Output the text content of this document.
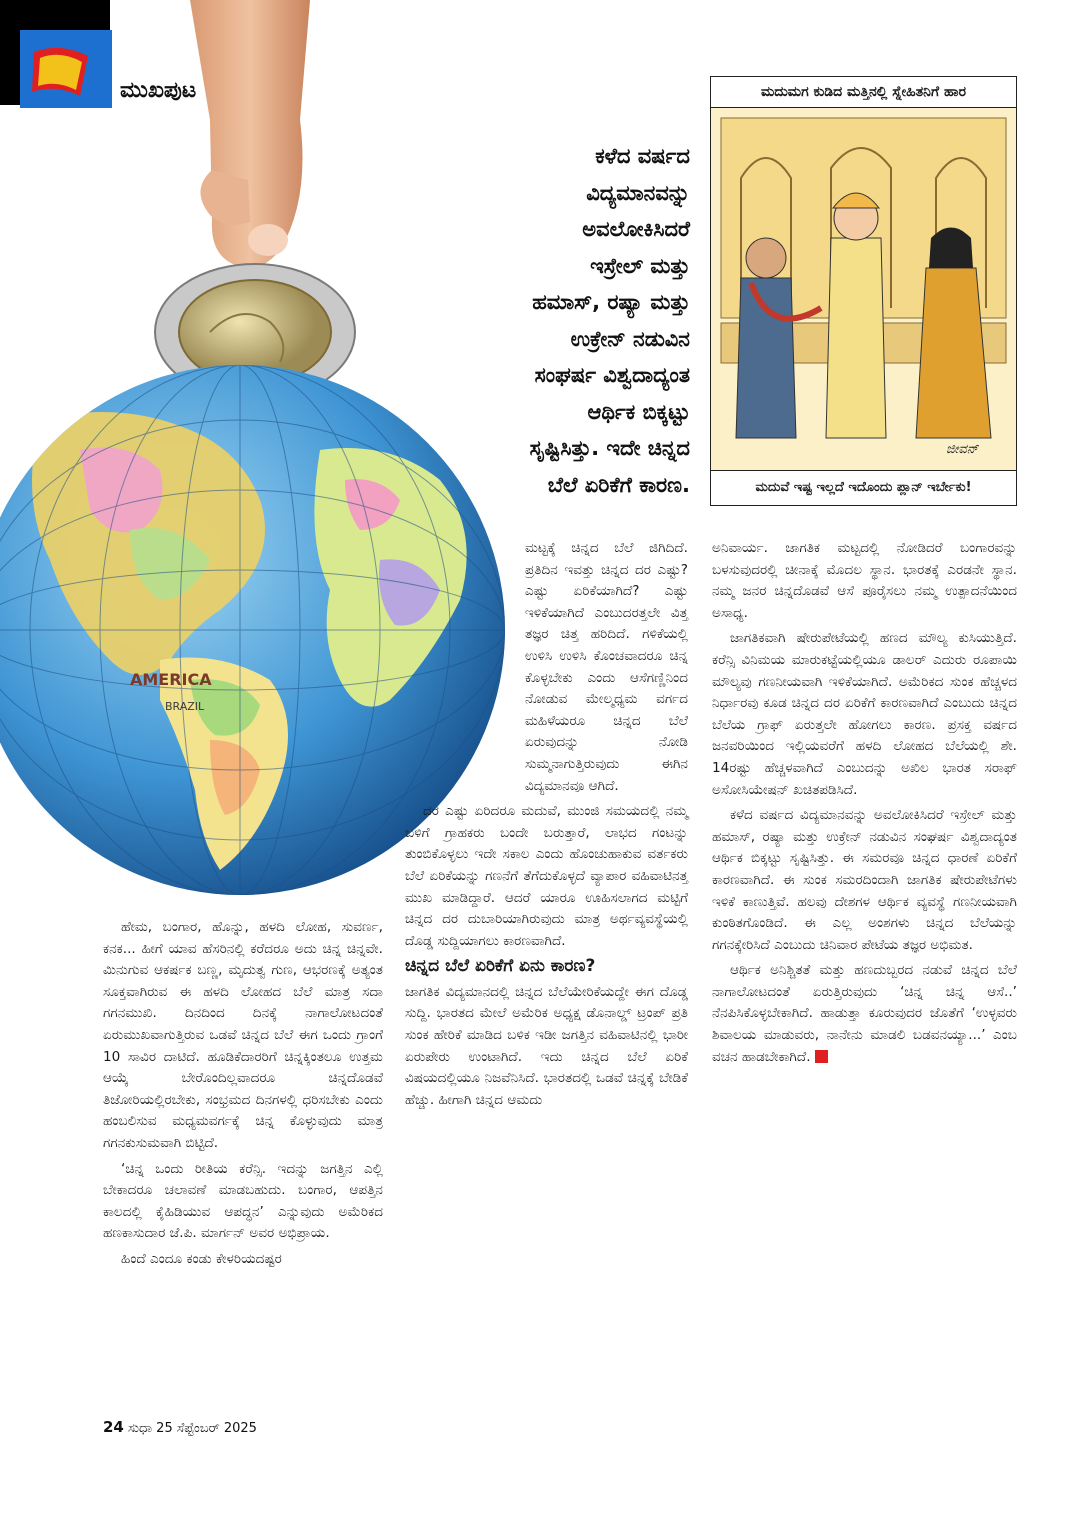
ಮುಖಪುಟ
AMERICA
BRAZIL
ಕಳೆದ ವರ್ಷದ
ವಿದ್ಯಮಾನವನ್ನು
ಅವಲೋಕಿಸಿದರೆ
ಇಸ್ರೇಲ್ ಮತ್ತು
ಹಮಾಸ್, ರಷ್ಯಾ ಮತ್ತು
ಉಕ್ರೇನ್ ನಡುವಿನ
ಸಂಘರ್ಷ ವಿಶ್ವದಾದ್ಯಂತ
ಆರ್ಥಿಕ ಬಿಕ್ಕಟ್ಟು
ಸೃಷ್ಟಿಸಿತ್ತು. ಇದೇ ಚಿನ್ನದ
ಬೆಲೆ ಏರಿಕೆಗೆ ಕಾರಣ.
ಮದುಮಗ ಕುಡಿದ ಮತ್ತಿನಲ್ಲಿ ಸ್ನೇಹಿತನಿಗೆ ಹಾರ
ಜೀವನ್
ಮದುವೆ ಇಷ್ಟ ಇಲ್ಲದೆ ಇದೊಂದು ಪ್ಲಾನ್ ಇರ್ಬೇಕು!

ಮಟ್ಟಕ್ಕೆ ಚಿನ್ನದ ಬೆಲೆ ಜಿಗಿದಿದೆ. ಪ್ರತಿದಿನ ಇವತ್ತು ಚಿನ್ನದ ದರ ಎಷ್ಟು? ಎಷ್ಟು ಏರಿಕೆಯಾಗಿದೆ? ಎಷ್ಟು ಇಳಿಕೆಯಾಗಿದೆ ಎಂಬುದರತ್ತಲೇ ವಿತ್ತ ತಜ್ಞರ ಚಿತ್ತ ಹರಿದಿದೆ. ಗಳಿಕೆಯಲ್ಲಿ ಉಳಿಸಿ ಉಳಿಸಿ ಕೊಂಚವಾದರೂ ಚಿನ್ನ ಕೊಳ್ಳಬೇಕು ಎಂದು ಆಸೆಗಣ್ಣಿನಿಂದ ನೋಡುವ ಮೇಲ್ಮಧ್ಯಮ ವರ್ಗದ ಮಹಿಳೆಯರೂ ಚಿನ್ನದ ಬೆಲೆ ಏರುವುದನ್ನು ನೋಡಿ ಸುಮ್ಮನಾಗುತ್ತಿರುವುದು ಈಗಿನ ವಿದ್ಯಮಾನವೂ ಆಗಿದೆ.

ದರ ಎಷ್ಟು ಏರಿದರೂ ಮದುವೆ, ಮುಂಜಿ ಸಮಯದಲ್ಲಿ ನಮ್ಮ ಬಳಿಗೆ ಗ್ರಾಹಕರು ಬಂದೇ ಬರುತ್ತಾರೆ, ಲಾಭದ ಗಂಟನ್ನು ತುಂಬಿಕೊಳ್ಳಲು ಇದೇ ಸಕಾಲ ಎಂದು ಹೊಂಚುಹಾಕುವ ವರ್ತಕರು ಬೆಲೆ ಏರಿಕೆಯನ್ನು ಗಣನೆಗೆ ತೆಗೆದುಕೊಳ್ಳದೆ ವ್ಯಾಪಾರ ವಹಿವಾಟಿನತ್ತ ಮುಖ ಮಾಡಿದ್ದಾರೆ. ಆದರೆ ಯಾರೂ ಊಹಿಸಲಾಗದ ಮಟ್ಟಿಗೆ ಚಿನ್ನದ ದರ ದುಬಾರಿಯಾಗಿರುವುದು ಮಾತ್ರ ಅರ್ಥವ್ಯವಸ್ಥೆಯಲ್ಲಿ ದೊಡ್ಡ ಸುದ್ದಿಯಾಗಲು ಕಾರಣವಾಗಿದೆ.

ಚಿನ್ನದ ಬೆಲೆ ಏರಿಕೆಗೆ ಏನು ಕಾರಣ?

ಜಾಗತಿಕ ವಿದ್ಯಮಾನದಲ್ಲಿ ಚಿನ್ನದ ಬೆಲೆಯೇರಿಕೆಯದ್ದೇ ಈಗ ದೊಡ್ಡ ಸುದ್ದಿ. ಭಾರತದ ಮೇಲೆ ಅಮೆರಿಕ ಅಧ್ಯಕ್ಷ ಡೊನಾಲ್ಡ್ ಟ್ರಂಪ್ ಪ್ರತಿ ಸುಂಕ ಹೇರಿಕೆ ಮಾಡಿದ ಬಳಿಕ ಇಡೀ ಜಗತ್ತಿನ ವಹಿವಾಟಿನಲ್ಲಿ ಭಾರೀ ಏರುಪೇರು ಉಂಟಾಗಿದೆ. ಇದು ಚಿನ್ನದ ಬೆಲೆ ಏರಿಕೆ ವಿಷಯದಲ್ಲಿಯೂ ನಿಜವೆನಿಸಿದೆ. ಭಾರತದಲ್ಲಿ ಒಡವೆ ಚಿನ್ನಕ್ಕೆ ಬೇಡಿಕೆ ಹೆಚ್ಚು. ಹೀಗಾಗಿ ಚಿನ್ನದ ಆಮದು

ಹೇಮ, ಬಂಗಾರ, ಹೊನ್ನು, ಹಳದಿ ಲೋಹ, ಸುವರ್ಣ, ಕನಕ... ಹೀಗೆ ಯಾವ ಹೆಸರಿನಲ್ಲಿ ಕರೆದರೂ ಅದು ಚಿನ್ನ ಚಿನ್ನವೇ. ಮಿನುಗುವ ಆಕರ್ಷಕ ಬಣ್ಣ, ಮೃದುತ್ವ ಗುಣ, ಆಭರಣಕ್ಕೆ ಅತ್ಯಂತ ಸೂಕ್ತವಾಗಿರುವ ಈ ಹಳದಿ ಲೋಹದ ಬೆಲೆ ಮಾತ್ರ ಸದಾ ಗಗನಮುಖಿ. ದಿನದಿಂದ ದಿನಕ್ಕೆ ನಾಗಾಲೋಟದಂತೆ ಏರುಮುಖವಾಗುತ್ತಿರುವ ಒಡವೆ ಚಿನ್ನದ ಬೆಲೆ ಈಗ ಒಂದು ಗ್ರಾಂಗೆ 10 ಸಾವಿರ ದಾಟಿದೆ. ಹೂಡಿಕೆದಾರರಿಗೆ ಚಿನ್ನಕ್ಕಿಂತಲೂ ಉತ್ತಮ ಆಯ್ಕೆ ಬೇರೊಂದಿಲ್ಲವಾದರೂ ಚಿನ್ನದೊಡವೆ ತಿಜೋರಿಯಲ್ಲಿರಬೇಕು, ಸಂಭ್ರಮದ ದಿನಗಳಲ್ಲಿ ಧರಿಸಬೇಕು ಎಂದು ಹಂಬಲಿಸುವ ಮಧ್ಯಮವರ್ಗಕ್ಕೆ ಚಿನ್ನ ಕೊಳ್ಳುವುದು ಮಾತ್ರ ಗಗನಕುಸುಮವಾಗಿ ಬಿಟ್ಟಿದೆ.

‘ಚಿನ್ನ ಒಂದು ರೀತಿಯ ಕರೆನ್ಸಿ. ಇದನ್ನು ಜಗತ್ತಿನ ಎಲ್ಲಿ ಬೇಕಾದರೂ ಚಲಾವಣೆ ಮಾಡಬಹುದು. ಬಂಗಾರ, ಆಪತ್ತಿನ ಕಾಲದಲ್ಲಿ ಕೈಹಿಡಿಯುವ ಆಪದ್ಧನ’ ಎನ್ನುವುದು ಅಮೆರಿಕದ ಹಣಕಾಸುದಾರ ಜೆ.ಪಿ. ಮಾರ್ಗನ್ ಅವರ ಅಭಿಪ್ರಾಯ.

ಹಿಂದೆ ಎಂದೂ ಕಂಡು ಕೇಳರಿಯದಷ್ಟರ

ಅನಿವಾರ್ಯ. ಜಾಗತಿಕ ಮಟ್ಟದಲ್ಲಿ ನೋಡಿದರೆ ಬಂಗಾರವನ್ನು ಬಳಸುವುದರಲ್ಲಿ ಚೀನಾಕ್ಕೆ ಮೊದಲ ಸ್ಥಾನ. ಭಾರತಕ್ಕೆ ಎರಡನೇ ಸ್ಥಾನ. ನಮ್ಮ ಜನರ ಚಿನ್ನದೊಡವೆ ಆಸೆ ಪೂರೈಸಲು ನಮ್ಮ ಉತ್ಪಾದನೆಯಿಂದ ಅಸಾಧ್ಯ.

ಜಾಗತಿಕವಾಗಿ ಷೇರುಪೇಟೆಯಲ್ಲಿ ಹಣದ ಮೌಲ್ಯ ಕುಸಿಯುತ್ತಿದೆ. ಕರೆನ್ಸಿ ವಿನಿಮಯ ಮಾರುಕಟ್ಟೆಯಲ್ಲಿಯೂ ಡಾಲರ್ ಎದುರು ರೂಪಾಯಿ ಮೌಲ್ಯವು ಗಣನೀಯವಾಗಿ ಇಳಿಕೆಯಾಗಿದೆ. ಅಮೆರಿಕದ ಸುಂಕ ಹೆಚ್ಚಳದ ನಿರ್ಧಾರವು ಕೂಡ ಚಿನ್ನದ ದರ ಏರಿಕೆಗೆ ಕಾರಣವಾಗಿದೆ ಎಂಬುದು ಚಿನ್ನದ ಬೆಲೆಯ ಗ್ರಾಫ್ ಏರುತ್ತಲೇ ಹೋಗಲು ಕಾರಣ. ಪ್ರಸಕ್ತ ವರ್ಷದ ಜನವರಿಯಿಂದ ಇಲ್ಲಿಯವರೆಗೆ ಹಳದಿ ಲೋಹದ ಬೆಲೆಯಲ್ಲಿ ಶೇ. 14ರಷ್ಟು ಹೆಚ್ಚಳವಾಗಿದೆ ಎಂಬುದನ್ನು ಅಖಿಲ ಭಾರತ ಸರಾಫ್ ಅಸೋಸಿಯೇಷನ್ ಖಚಿತಪಡಿಸಿದೆ.

ಕಳೆದ ವರ್ಷದ ವಿದ್ಯಮಾನವನ್ನು ಅವಲೋಕಿಸಿದರೆ ಇಸ್ರೇಲ್ ಮತ್ತು ಹಮಾಸ್, ರಷ್ಯಾ ಮತ್ತು ಉಕ್ರೇನ್ ನಡುವಿನ ಸಂಘರ್ಷ ವಿಶ್ವದಾದ್ಯಂತ ಆರ್ಥಿಕ ಬಿಕ್ಕಟ್ಟು ಸೃಷ್ಟಿಸಿತ್ತು. ಈ ಸಮರವೂ ಚಿನ್ನದ ಧಾರಣೆ ಏರಿಕೆಗೆ ಕಾರಣವಾಗಿದೆ. ಈ ಸುಂಕ ಸಮರದಿಂದಾಗಿ ಜಾಗತಿಕ ಷೇರುಪೇಟೆಗಳು ಇಳಿಕೆ ಕಾಣುತ್ತಿವೆ. ಹಲವು ದೇಶಗಳ ಆರ್ಥಿಕ ವ್ಯವಸ್ಥೆ ಗಣನೀಯವಾಗಿ ಕುಂಠಿತಗೊಂಡಿದೆ. ಈ ಎಲ್ಲ ಅಂಶಗಳು ಚಿನ್ನದ ಬೆಲೆಯನ್ನು ಗಗನಕ್ಕೇರಿಸಿದೆ ಎಂಬುದು ಚಿನಿವಾರ ಪೇಟೆಯ ತಜ್ಞರ ಅಭಿಮತ.

ಆರ್ಥಿಕ ಅನಿಶ್ಚಿತತೆ ಮತ್ತು ಹಣದುಬ್ಬರದ ನಡುವೆ ಚಿನ್ನದ ಬೆಲೆ ನಾಗಾಲೋಟದಂತೆ ಏರುತ್ತಿರುವುದು ‘ಚಿನ್ನ ಚಿನ್ನ ಆಸೆ..’ ನೆನಪಿಸಿಕೊಳ್ಳಬೇಕಾಗಿದೆ. ಹಾಡುತ್ತಾ ಕೂರುವುದರ ಜೊತೆಗೆ ‘ಉಳ್ಳವರು ಶಿವಾಲಯ ಮಾಡುವರು, ನಾನೇನು ಮಾಡಲಿ ಬಡವನಯ್ಯಾ...’ ಎಂಬ ವಚನ ಹಾಡಬೇಕಾಗಿದೆ.

24 ಸುಧಾ 25 ಸೆಪ್ಟೆಂಬರ್ 2025
